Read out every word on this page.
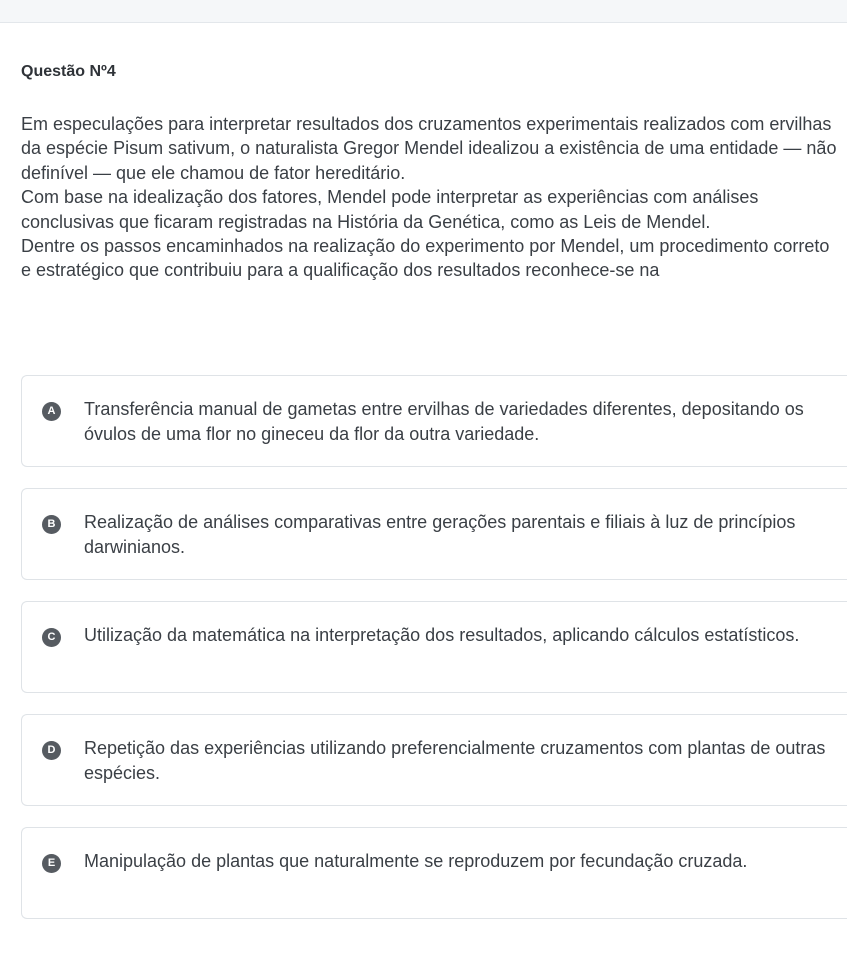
Questão Nº4

Em especulações para interpretar resultados dos cruzamentos experimentais realizados com ervilhas da espécie Pisum sativum, o naturalista Gregor Mendel idealizou a existência de uma entidade — não definível — que ele chamou de fator hereditário.

Com base na idealização dos fatores, Mendel pode interpretar as experiências com análises conclusivas que ficaram registradas na História da Genética, como as Leis de Mendel.

Dentre os passos encaminhados na realização do experimento por Mendel, um procedimento correto e estratégico que contribuiu para a qualificação dos resultados reconhece-se na

A	Transferência manual de gametas entre ervilhas de variedades diferentes, depositando os óvulos de uma flor no gineceu da flor da outra variedade.
B	Realização de análises comparativas entre gerações parentais e filiais à luz de princípios darwinianos.
C	Utilização da matemática na interpretação dos resultados, aplicando cálculos estatísticos.
D	Repetição das experiências utilizando preferencialmente cruzamentos com plantas de outras espécies.
E	Manipulação de plantas que naturalmente se reproduzem por fecundação cruzada.
